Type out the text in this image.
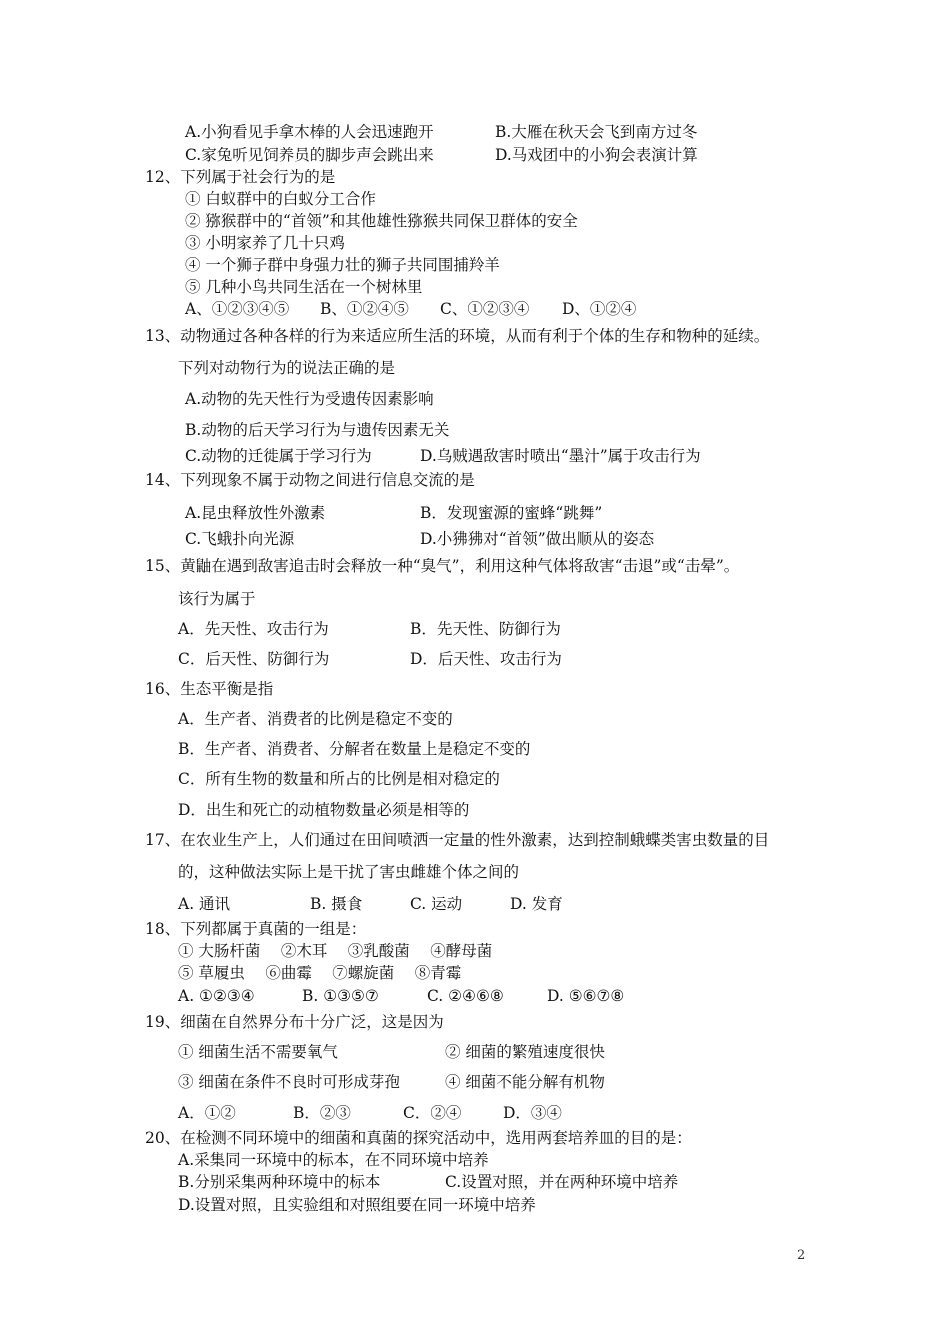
A.小狗看见手拿木棒的人会迅速跑开	B.大雁在秋天会飞到南方过冬
C.家兔听见饲养员的脚步声会跳出来	D.马戏团中的小狗会表演计算
12、下列属于社会行为的是
① 白蚁群中的白蚁分工合作
② 猕猴群中的“首领”和其他雄性猕猴共同保卫群体的安全
③ 小明家养了几十只鸡
④ 一个狮子群中身强力壮的狮子共同围捕羚羊
⑤ 几种小鸟共同生活在一个树林里
A、①②③④⑤ B、①②④⑤ C、①②③④ D、①②④
13、动物通过各种各样的行为来适应所生活的环境，从而有利于个体的生存和物种的延续。
下列对动物行为的说法正确的是
A.动物的先天性行为受遗传因素影响
B.动物的后天学习行为与遗传因素无关
C.动物的迁徙属于学习行为	D.乌贼遇敌害时喷出“墨汁”属于攻击行为
14、下列现象不属于动物之间进行信息交流的是
A.昆虫释放性外激素	B．发现蜜源的蜜蜂“跳舞”
C.飞蛾扑向光源	D.小狒狒对“首领”做出顺从的姿态
15、黄鼬在遇到敌害追击时会释放一种“臭气”，利用这种气体将敌害“击退”或“击晕”。
该行为属于
A．先天性、攻击行为	B．先天性、防御行为
C．后天性、防御行为	D．后天性、攻击行为
16、生态平衡是指
A．生产者、消费者的比例是稳定不变的
B．生产者、消费者、分解者在数量上是稳定不变的
C．所有生物的数量和所占的比例是相对稳定的
D．出生和死亡的动植物数量必须是相等的
17、在农业生产上，人们通过在田间喷洒一定量的性外激素，达到控制蛾蝶类害虫数量的目
的，这种做法实际上是干扰了害虫雌雄个体之间的
A. 通讯	B. 摄食	C. 运动	D. 发育
18、下列都属于真菌的一组是：
① 大肠杆菌　 ②木耳　 ③乳酸菌　 ④酵母菌
⑤ 草履虫　 ⑥曲霉　 ⑦螺旋菌　 ⑧青霉
A. ①②③④	B. ①③⑤⑦	C. ②④⑥⑧	D. ⑤⑥⑦⑧
19、细菌在自然界分布十分广泛，这是因为
① 细菌生活不需要氧气	② 细菌的繁殖速度很快
③ 细菌在条件不良时可形成芽孢	④ 细菌不能分解有机物
A．①②	B．②③	C．②④	D．③④
20、在检测不同环境中的细菌和真菌的探究活动中，选用两套培养皿的目的是：
A.采集同一环境中的标本，在不同环境中培养
B.分别采集两种环境中的标本	C.设置对照，并在两种环境中培养
D.设置对照，且实验组和对照组要在同一环境中培养
2
